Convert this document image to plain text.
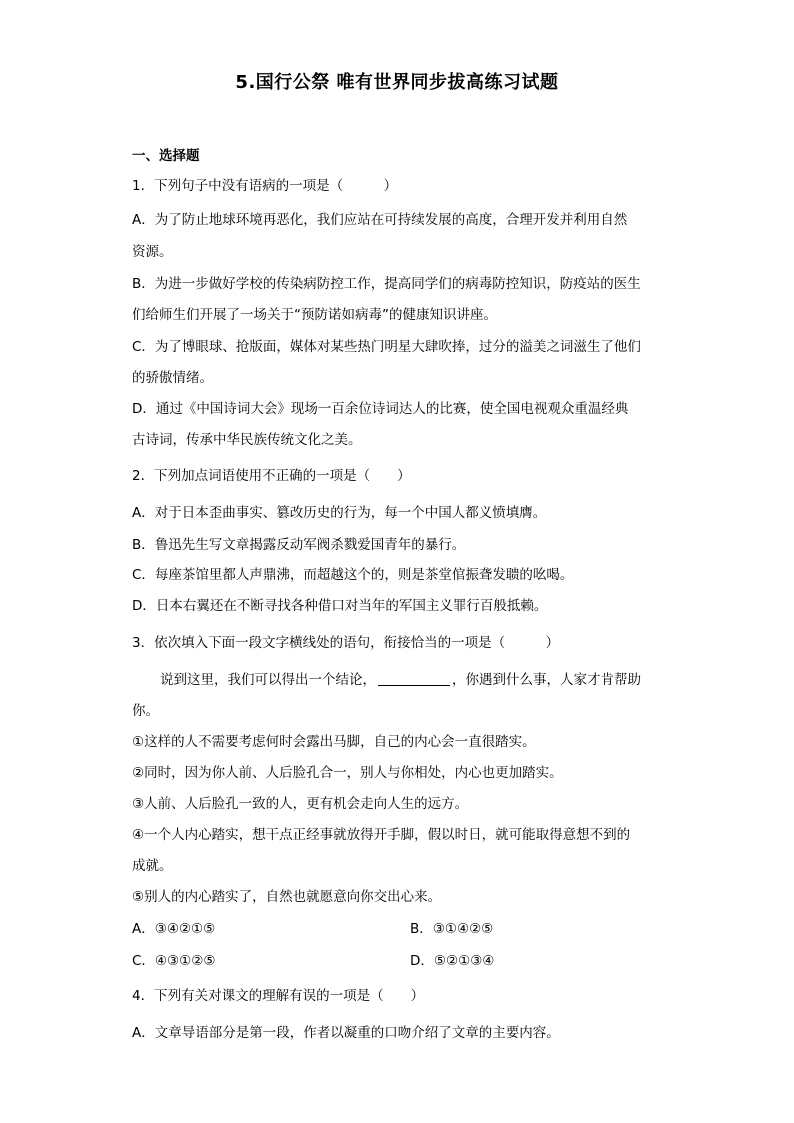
5.国行公祭 唯有世界同步拔高练习试题
一、选择题
1．下列句子中没有语病的一项是（　　　）
A．为了防止地球环境再恶化，我们应站在可持续发展的高度，合理开发并利用自然
资源。
B．为进一步做好学校的传染病防控工作，提高同学们的病毒防控知识，防疫站的医生
们给师生们开展了一场关于“预防诺如病毒”的健康知识讲座。
C．为了博眼球、抢版面，媒体对某些热门明星大肆吹捧，过分的溢美之词滋生了他们
的骄傲情绪。
D．通过《中国诗词大会》现场一百余位诗词达人的比赛，使全国电视观众重温经典
古诗词，传承中华民族传统文化之美。
2．下列加点词语使用不正确的一项是（　　）
A．对于日本歪曲事实、篡改历史的行为，每一个中国人都义愤填膺。
B．鲁迅先生写文章揭露反动军阀杀戮爱国青年的暴行。
C．每座茶馆里都人声鼎沸，而超越这个的，则是茶堂倌振聋发聩的吆喝。
D．日本右翼还在不断寻找各种借口对当年的军国主义罪行百般抵赖。
3．依次填入下面一段文字横线处的语句，衔接恰当的一项是（　　　）
说到这里，我们可以得出一个结论，	，你遇到什么事，人家才肯帮助
你。
①这样的人不需要考虑何时会露出马脚，自己的内心会一直很踏实。
②同时，因为你人前、人后脸孔合一，别人与你相处，内心也更加踏实。
③人前、人后脸孔一致的人，更有机会走向人生的远方。
④一个人内心踏实，想干点正经事就放得开手脚，假以时日，就可能取得意想不到的
成就。
⑤别人的内心踏实了，自然也就愿意向你交出心来。
A．③④②①⑤	B．③①④②⑤
C．④③①②⑤	D．⑤②①③④
4．下列有关对课文的理解有误的一项是（　　）
A．文章导语部分是第一段，作者以凝重的口吻介绍了文章的主要内容。
